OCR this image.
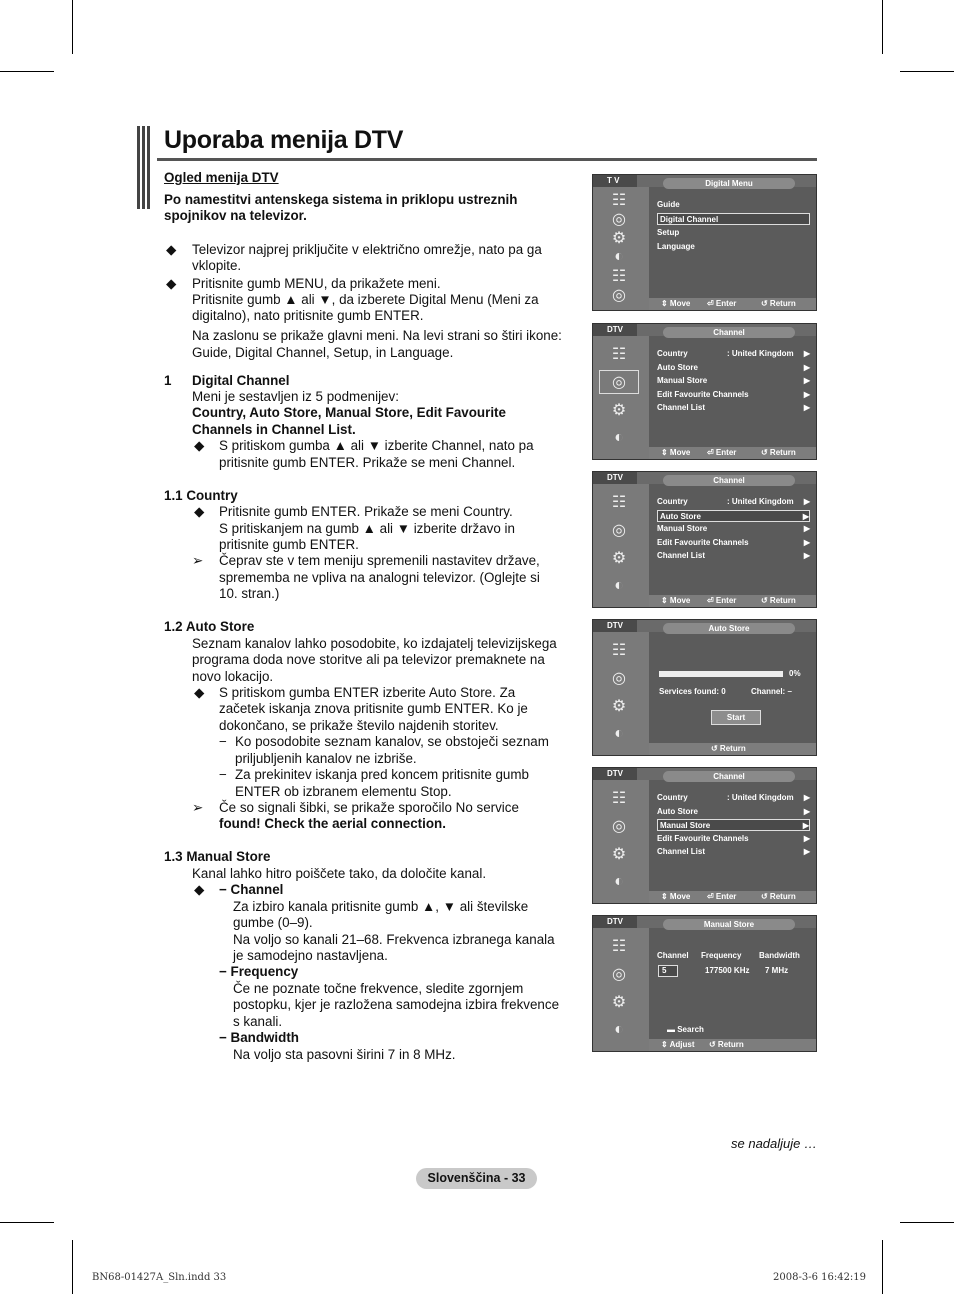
Uporaba menija DTV
Ogled menija DTV
Po namestitvi antenskega sistema in priklopu ustreznih
spojnikov na televizor.
◆ Televizor najprej priključite v električno omrežje, nato pa ga
vklopite.
◆ Pritisnite gumb MENU, da prikažete meni.
Pritisnite gumb ▲ ali ▼, da izberete Digital Menu (Meni za
digitalno), nato pritisnite gumb ENTER.
Na zaslonu se prikaže glavni meni. Na levi strani so štiri ikone:
Guide, Digital Channel, Setup, in Language.
1 Digital Channel
Meni je sestavljen iz 5 podmenijev:
Country, Auto Store, Manual Store, Edit Favourite
Channels in Channel List.
◆ S pritiskom gumba ▲ ali ▼ izberite Channel, nato pa
pritisnite gumb ENTER. Prikaže se meni Channel.
1.1 Country
◆ Pritisnite gumb ENTER. Prikaže se meni Country.
S pritiskanjem na gumb ▲ ali ▼ izberite državo in
pritisnite gumb ENTER.
➢ Čeprav ste v tem meniju spremenili nastavitev države,
sprememba ne vpliva na analogni televizor. (Oglejte si
10. stran.)
1.2 Auto Store
Seznam kanalov lahko posodobite, ko izdajatelj televizijskega
programa doda nove storitve ali pa televizor premaknete na
novo lokacijo.
◆ S pritiskom gumba ENTER izberite Auto Store. Za
začetek iskanja znova pritisnite gumb ENTER. Ko je
dokončano, se prikaže število najdenih storitev.
− Ko posodobite seznam kanalov, se obstoječi seznam
priljubljenih kanalov ne izbriše.
− Za prekinitev iskanja pred koncem pritisnite gumb
ENTER ob izbranem elementu Stop.
➢ Če so signali šibki, se prikaže sporočilo No service
found! Check the aerial connection.
1.3 Manual Store
Kanal lahko hitro poiščete tako, da določite kanal.
◆ − Channel
Za izbiro kanala pritisnite gumb ▲, ▼ ali številske
gumbe (0–9).
Na voljo so kanali 21–68. Frekvenca izbranega kanala
je samodejno nastavljena.
− Frequency
Če ne poznate točne frekvence, sledite zgornjem
postopku, kjer je razložena samodejna izbira frekvence
s kanali.
− Bandwidth
Na voljo sta pasovni širini 7 in 8 MHz.
T V
☷
◎
⚙
◐
☷
◎
Digital Menu
Guide
Digital Channel
Setup
Language
⇕ Move ⏎ Enter	↺ Return
DTV
☷
◎
⚙
◐
Channel
Country	: United Kingdom ▶
Auto Store	▶
Manual Store	▶
Edit Favourite Channels	▶
Channel List	▶
⇕ Move ⏎ Enter	↺ Return
DTV
☷
◎
⚙
◐
Channel
Country	: United Kingdom ▶
Auto Store	▶
Manual Store	▶
Edit Favourite Channels	▶
Channel List	▶
⇕ Move ⏎ Enter	↺ Return
DTV
☷
◎
⚙
◐
Auto Store
0%
Services found: 0	Channel: –
Start
↺ Return
DTV
☷
◎
⚙
◐
Channel
Country	: United Kingdom ▶
Auto Store	▶
Manual Store	▶
Edit Favourite Channels	▶
Channel List	▶
⇕ Move ⏎ Enter	↺ Return
DTV
☷
◎
⚙
◐
Manual Store
Channel	Frequency	Bandwidth
5	177500 KHz	7 MHz
▬ Search
⇕ Adjust ↺ Return
se nadaljuje …
Slovenščina - 33
BN68-01427A_Sln.indd 33	2008-3-6 16:42:19
